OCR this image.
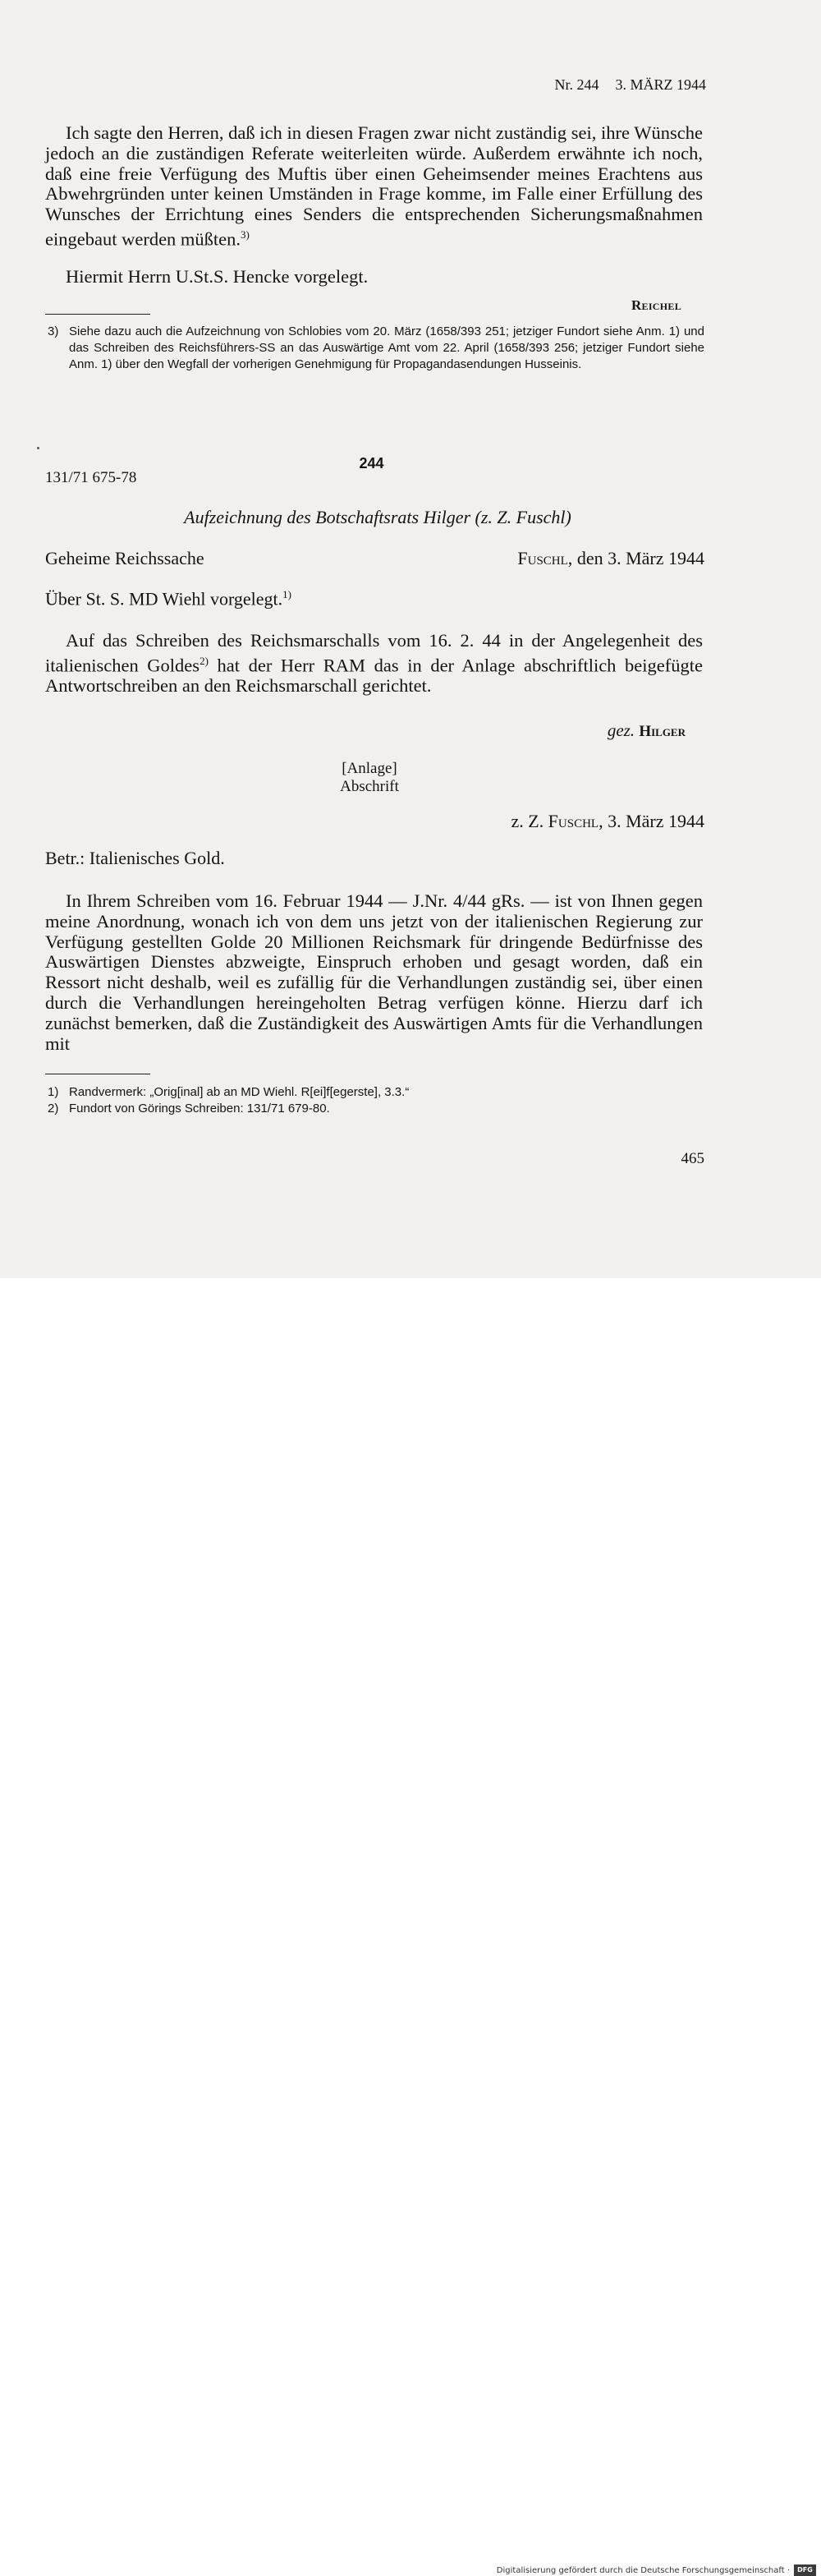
Nr. 244 3. MÄRZ 1944

Ich sagte den Herren, daß ich in diesen Fragen zwar nicht zuständig sei, ihre Wünsche jedoch an die zuständigen Referate weiterleiten würde. Außerdem erwähnte ich noch, daß eine freie Verfügung des Muftis über einen Geheimsender meines Erachtens aus Abwehrgründen unter keinen Umständen in Frage komme, im Falle einer Erfüllung des Wunsches der Errichtung eines Senders die entsprechenden Sicherungsmaßnahmen eingebaut werden müßten.$^{3)}$

Hiermit Herrn U.St.S. Hencke vorgelegt.
Reichel
3) Siehe dazu auch die Aufzeichnung von Schlobies vom 20. März (1658/393 251; jetziger Fundort siehe Anm. 1) und das Schreiben des Reichsführers-SS an das Auswärtige Amt vom 22. April (1658/393 256; jetziger Fundort siehe Anm. 1) über den Wegfall der vorherigen Genehmigung für Propagandasendungen Husseinis.
244
131/71 675-78
Aufzeichnung des Botschaftsrats Hilger (z. Z. Fuschl)
Geheime Reichssache	Fuschl, den 3. März 1944
Über St. S. MD Wiehl vorgelegt.$^{1)}$

Auf das Schreiben des Reichsmarschalls vom 16. 2. 44 in der Angelegenheit des italienischen Goldes$^{2)}$ hat der Herr RAM das in der Anlage abschriftlich beigefügte Antwortschreiben an den Reichsmarschall gerichtet.

gez. Hilger
[Anlage]
Abschrift
z. Z. Fuschl, 3. März 1944
Betr.: Italienisches Gold.

In Ihrem Schreiben vom 16. Februar 1944 — J.Nr. 4/44 gRs. — ist von Ihnen gegen meine Anordnung, wonach ich von dem uns jetzt von der italienischen Regierung zur Verfügung gestellten Golde 20 Millionen Reichsmark für dringende Bedürfnisse des Auswärtigen Dienstes abzweigte, Einspruch erhoben und gesagt worden, daß ein Ressort nicht deshalb, weil es zufällig für die Verhandlungen zuständig sei, über einen durch die Verhandlungen hereingeholten Betrag verfügen könne. Hierzu darf ich zunächst bemerken, daß die Zuständigkeit des Auswärtigen Amts für die Verhandlungen mit

1) Randvermerk: „Orig[inal] ab an MD Wiehl. R[ei]f[egerste], 3.3.“
2) Fundort von Görings Schreiben: 131/71 679-80.
465
Digitalisierung gefördert durch die Deutsche Forschungsgemeinschaft ·	DFG
